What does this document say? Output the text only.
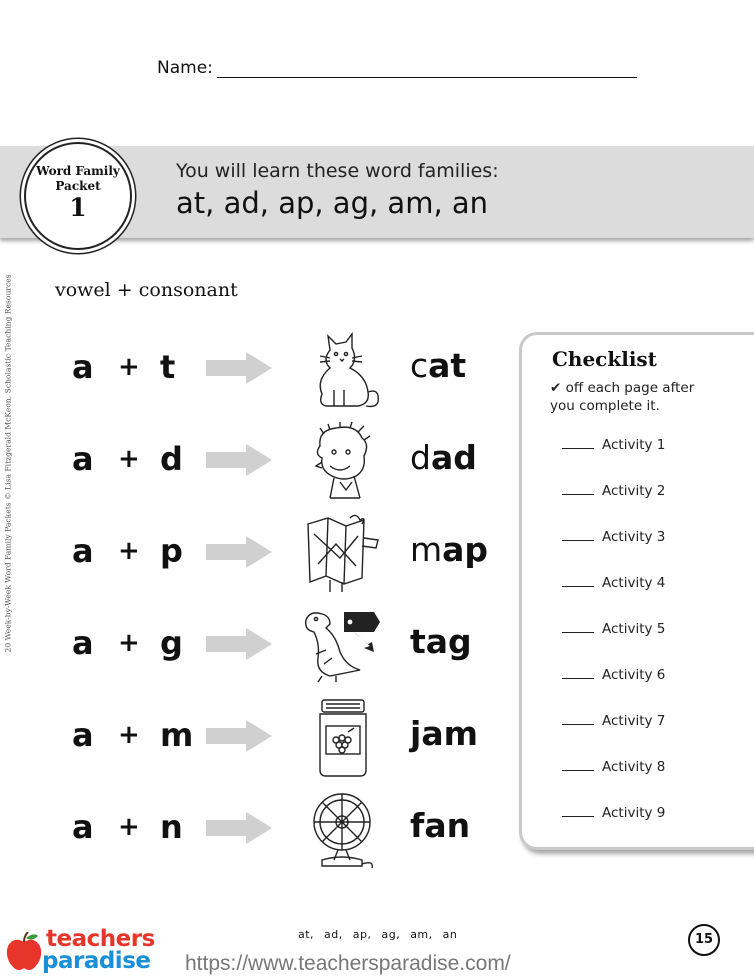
Name:
You will learn these word families:
at, ad, ap, ag, am, an
Word Family
Packet
1
20 Week-by-Week Word Family Packets © Lisa Fitzgerald McKeon, Scholastic Teaching Resources vowel + consonant
a + t	cat
a + d	dad
a + p	map
a + g	tag
a + m	jam
a + n	fan
Checklist
✔ off each page after you complete it.
Activity 1
Activity 2
Activity 3
Activity 4
Activity 5
Activity 6
Activity 7
Activity 8
Activity 9
at, ad, ap, ag, am, an	15
teachers
paradise https://www.teachersparadise.com/
